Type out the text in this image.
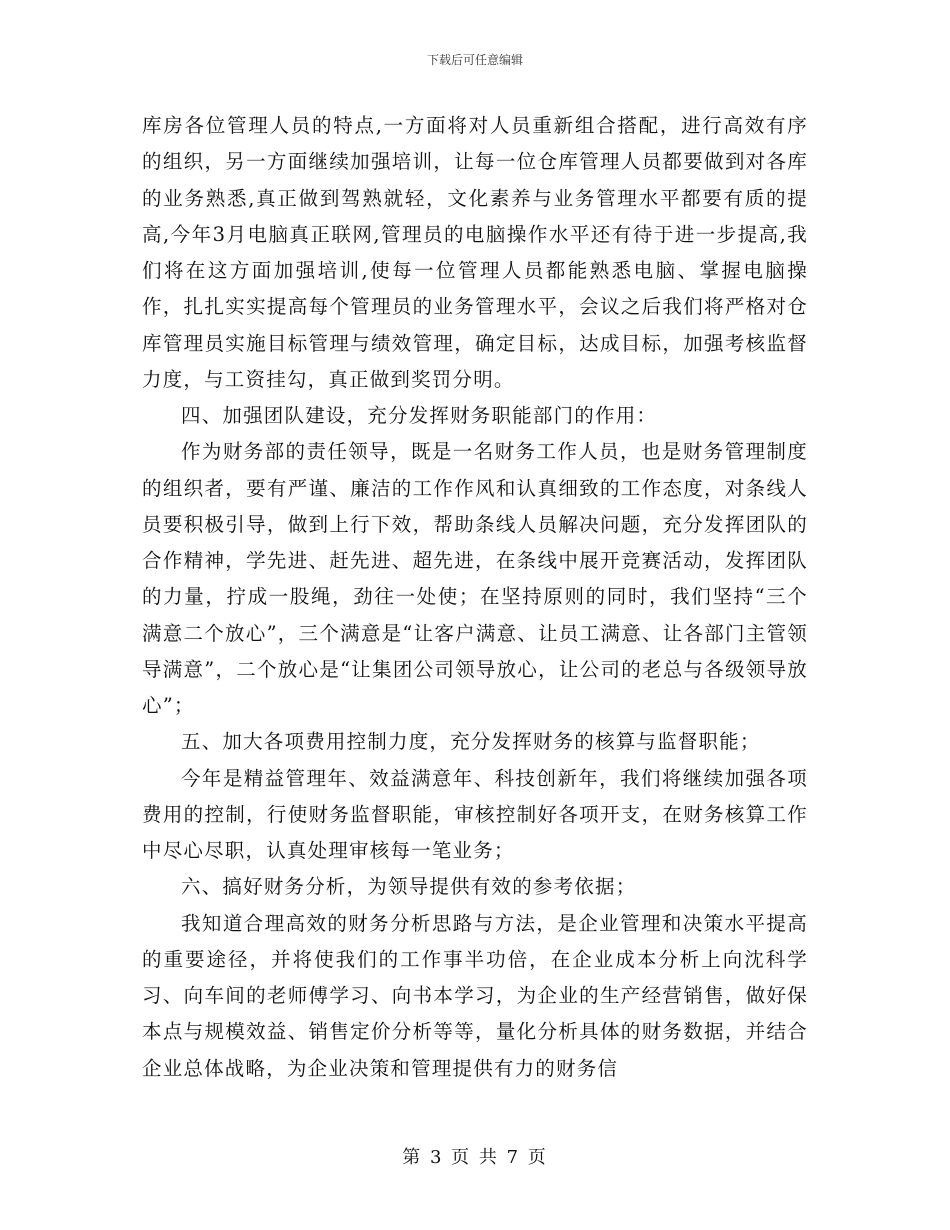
下载后可任意编辑

库房各位管理人员的特点,一方面将对人员重新组合搭配，进行高效有序的组织，另一方面继续加强培训，让每一位仓库管理人员都要做到对各库的业务熟悉,真正做到驾熟就轻，文化素养与业务管理水平都要有质的提高,今年3月电脑真正联网,管理员的电脑操作水平还有待于进一步提高,我们将在这方面加强培训,使每一位管理人员都能熟悉电脑、掌握电脑操作，扎扎实实提高每个管理员的业务管理水平，会议之后我们将严格对仓库管理员实施目标管理与绩效管理，确定目标，达成目标，加强考核监督力度，与工资挂勾，真正做到奖罚分明。

四、加强团队建设，充分发挥财务职能部门的作用：

作为财务部的责任领导，既是一名财务工作人员，也是财务管理制度的组织者，要有严谨、廉洁的工作作风和认真细致的工作态度，对条线人员要积极引导，做到上行下效，帮助条线人员解决问题，充分发挥团队的合作精神，学先进、赶先进、超先进，在条线中展开竞赛活动，发挥团队的力量，拧成一股绳，劲往一处使；在坚持原则的同时，我们坚持“三个满意二个放心”，三个满意是“让客户满意、让员工满意、让各部门主管领导满意”，二个放心是“让集团公司领导放心，让公司的老总与各级领导放心”；

五、加大各项费用控制力度，充分发挥财务的核算与监督职能；

今年是精益管理年、效益满意年、科技创新年，我们将继续加强各项费用的控制，行使财务监督职能，审核控制好各项开支，在财务核算工作中尽心尽职，认真处理审核每一笔业务；

六、搞好财务分析，为领导提供有效的参考依据；

我知道合理高效的财务分析思路与方法，是企业管理和决策水平提高的重要途径，并将使我们的工作事半功倍，在企业成本分析上向沈科学习、向车间的老师傅学习、向书本学习，为企业的生产经营销售，做好保本点与规模效益、销售定价分析等等，量化分析具体的财务数据，并结合企业总体战略，为企业决策和管理提供有力的财务信

第 3 页 共 7 页
